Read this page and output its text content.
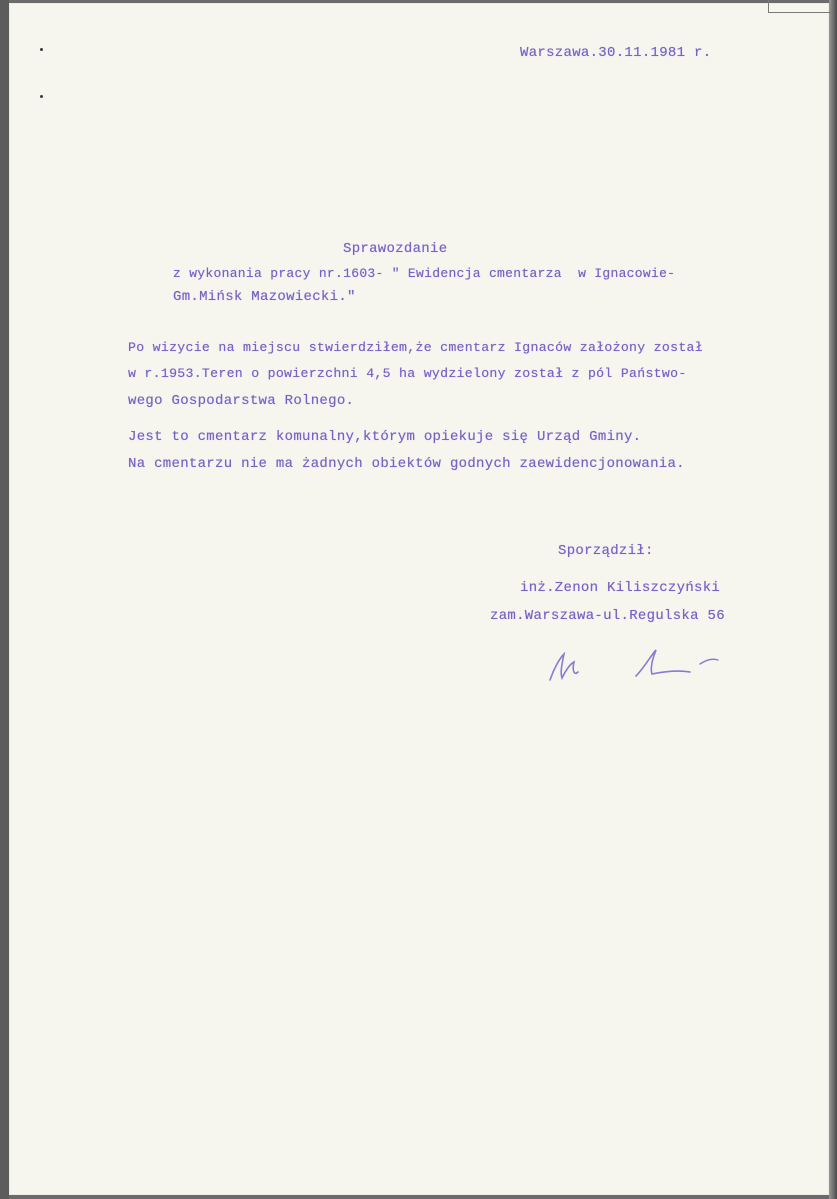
Warszawa.30.11.1981 r.
Sprawozdanie
z wykonania pracy nr.1603- " Ewidencja cmentarza  w Ignacowie-
Gm.Mińsk Mazowiecki."
Po wizycie na miejscu stwierdziłem,że cmentarz Ignaców założony został
w r.1953.Teren o powierzchni 4,5 ha wydzielony został z pól Państwo-
wego Gospodarstwa Rolnego.
Jest to cmentarz komunalny,którym opiekuje się Urząd Gminy.
Na cmentarzu nie ma żadnych obiektów godnych zaewidencjonowania.
Sporządził:
inż.Zenon Kiliszczyński
zam.Warszawa-ul.Regulska 56
